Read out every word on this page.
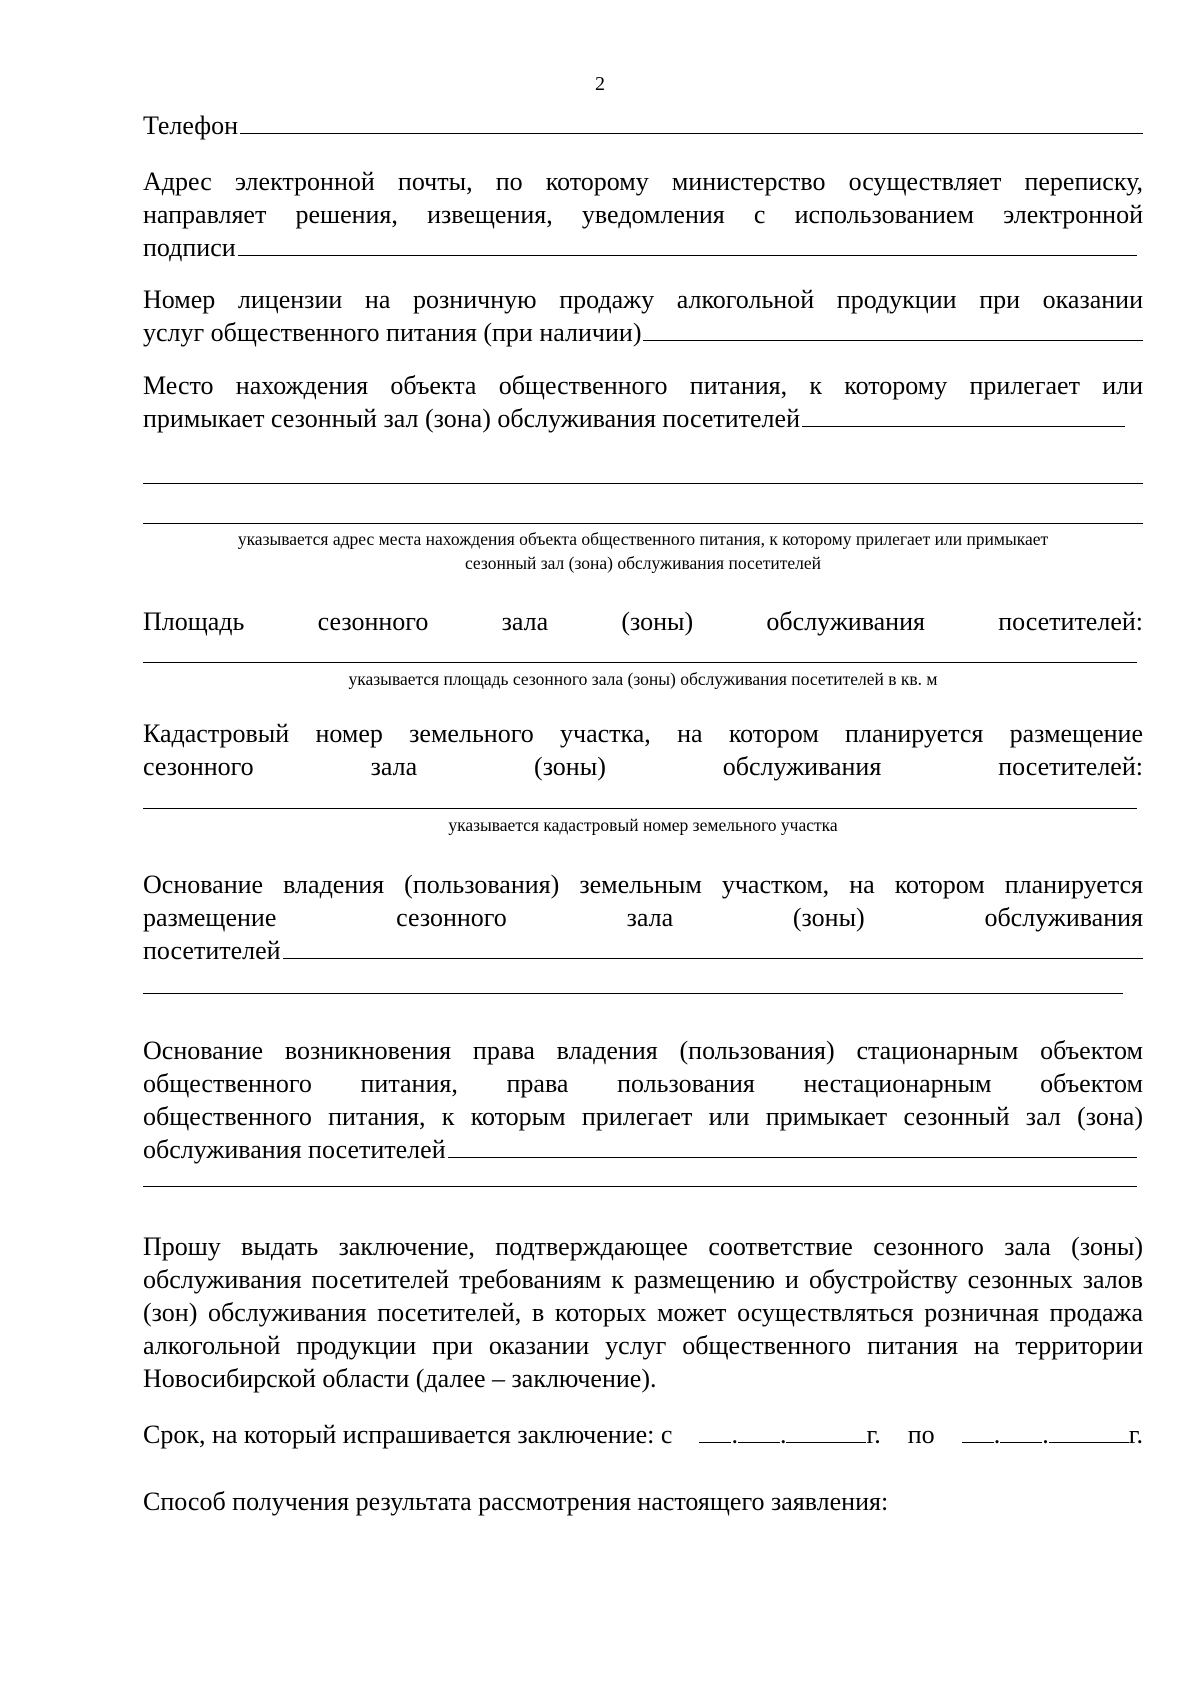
2
Телефон
Адрес электронной почты, по которому министерство осуществляет переписку,
направляет решения, извещения, уведомления с использованием электронной
подписи
Номер лицензии на розничную продажу алкогольной продукции при оказании
услуг общественного питания (при наличии)
Место нахождения объекта общественного питания, к которому прилегает или
примыкает сезонный зал (зона) обслуживания посетителей
указывается адрес места нахождения объекта общественного питания, к которому прилегает или примыкает
сезонный зал (зона) обслуживания посетителей
Площадь	сезонного	зала	(зоны)	обслуживания	посетителей:
указывается площадь сезонного зала (зоны) обслуживания посетителей в кв. м
Кадастровый номер земельного участка, на котором планируется размещение
сезонного	зала	(зоны)	обслуживания	посетителей:
указывается кадастровый номер земельного участка
Основание владения (пользования) земельным участком, на котором планируется
размещение	сезонного	зала	(зоны)	обслуживания
посетителей
Основание возникновения права владения (пользования) стационарным объектом
общественного питания, права пользования нестационарным объектом
общественного питания, к которым прилегает или примыкает сезонный зал (зона)
обслуживания посетителей
Прошу выдать заключение, подтверждающее соответствие сезонного зала (зоны) обслуживания посетителей требованиям к размещению и обустройству сезонных залов (зон) обслуживания посетителей, в которых может осуществляться розничная продажа алкогольной продукции при оказании услуг общественного питания на территории Новосибирской области (далее – заключение).
Срок, на который испрашивается заключение: с	. .	г. по	. .	г.
Способ получения результата рассмотрения настоящего заявления:
